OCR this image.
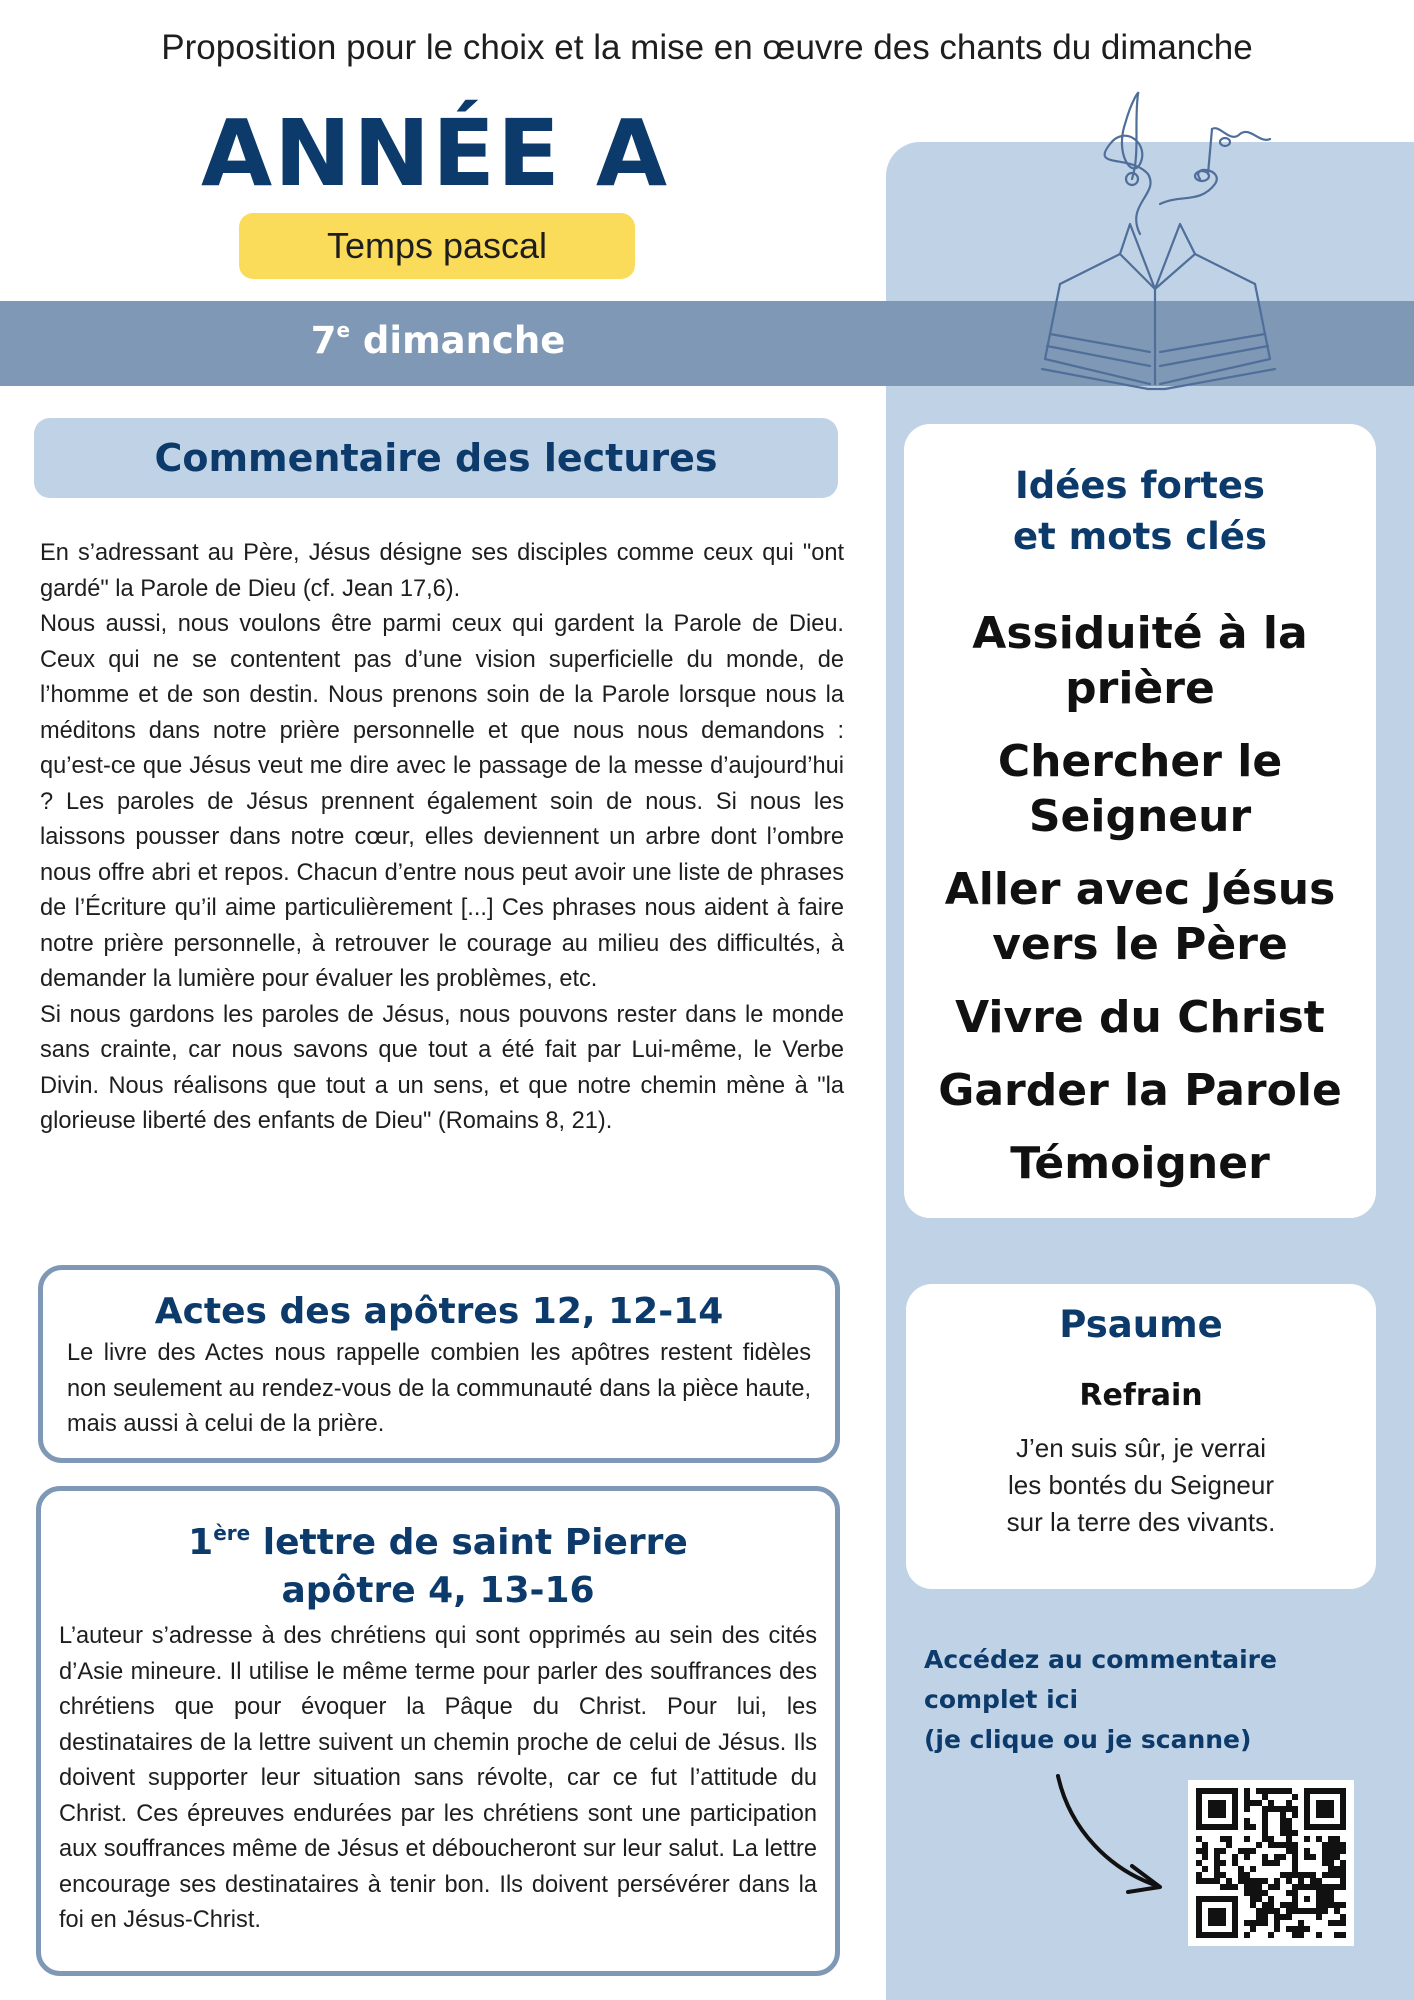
Proposition pour le choix et la mise en œuvre des chants du dimanche
ANNÉE A
Temps pascal
7e dimanche
Commentaire des lectures

En s’adressant au Père, Jésus désigne ses disciples comme ceux qui "ont gardé" la Parole de Dieu (cf. Jean 17,6).

Nous aussi, nous voulons être parmi ceux qui gardent la Parole de Dieu. Ceux qui ne se contentent pas d’une vision superficielle du monde, de l’homme et de son destin. Nous prenons soin de la Parole lorsque nous la méditons dans notre prière personnelle et que nous nous demandons : qu’est-ce que Jésus veut me dire avec le passage de la messe d’aujourd’hui ? Les paroles de Jésus prennent également soin de nous. Si nous les laissons pousser dans notre cœur, elles deviennent un arbre dont l’ombre nous offre abri et repos. Chacun d’entre nous peut avoir une liste de phrases de l’Écriture qu’il aime particulièrement [...] Ces phrases nous aident à faire notre prière personnelle, à retrouver le courage au milieu des difficultés, à demander la lumière pour évaluer les problèmes, etc.

Si nous gardons les paroles de Jésus, nous pouvons rester dans le monde sans crainte, car nous savons que tout a été fait par Lui-même, le Verbe Divin. Nous réalisons que tout a un sens, et que notre chemin mène à "la glorieuse liberté des enfants de Dieu" (Romains 8, 21).

Actes des apôtres 12, 12-14
Le livre des Actes nous rappelle combien les apôtres restent fidèles non seulement au rendez-vous de la communauté dans la pièce haute, mais aussi à celui de la prière.
1ère lettre de saint Pierre
apôtre 4, 13-16
L’auteur s’adresse à des chrétiens qui sont opprimés au sein des cités d’Asie mineure. Il utilise le même terme pour parler des souffrances des chrétiens que pour évoquer la Pâque du Christ. Pour lui, les destinataires de la lettre suivent un chemin proche de celui de Jésus. Ils doivent supporter leur situation sans révolte, car ce fut l’attitude du Christ. Ces épreuves endurées par les chrétiens sont une participation aux souffrances même de Jésus et déboucheront sur leur salut. La lettre encourage ses destinataires à tenir bon. Ils doivent persévérer dans la foi en Jésus-Christ.
Idées fortes
et mots clés
Assiduité à la prière
Chercher le Seigneur
Aller avec Jésus vers le Père
Vivre du Christ
Garder la Parole
Témoigner
Psaume
Refrain
J’en suis sûr, je verrai
les bontés du Seigneur
sur la terre des vivants.
Accédez au commentaire
complet ici
(je clique ou je scanne)
